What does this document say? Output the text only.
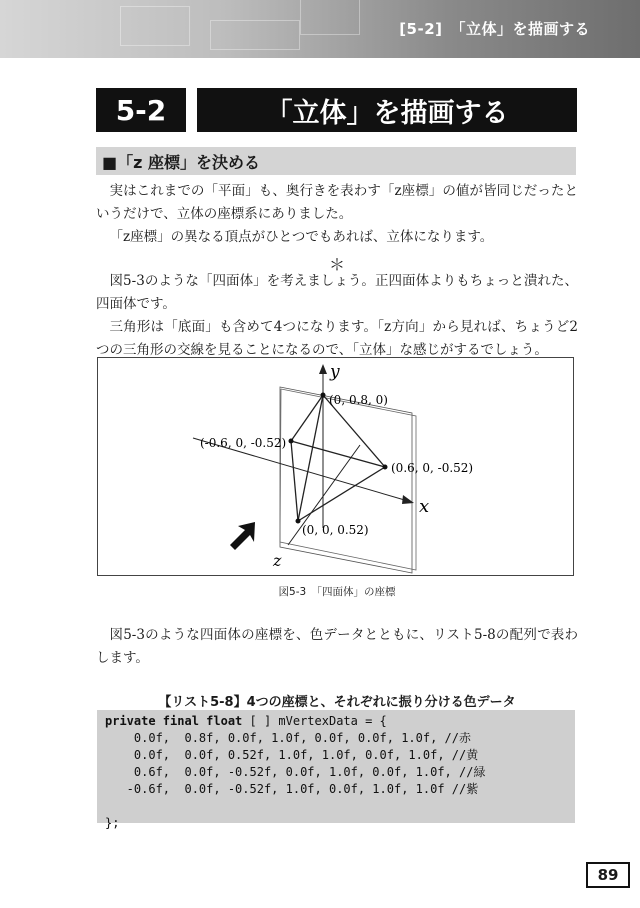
[5-2]　「立体」を描画する
5-2	「立体」を描画する
■「z 座標」を決める

実はこれまでの「平面」も、奥行きを表わす「z座標」の値が皆同じだったというだけで、立体の座標系にありました。

「z座標」の異なる頂点がひとつでもあれば、立体になります。

＊

図5-3のような「四面体」を考えましょう。正四面体よりもちょっと潰れた、四面体です。

三角形は「底面」も含めて4つになります。「z方向」から見れば、ちょうど2つの三角形の交線を見ることになるので、「立体」な感じがするでしょう。

y
x
z
(0, 0.8, 0)
(-0.6, 0, -0.52)
(0.6, 0, -0.52)
(0, 0, 0.52)
図5-3　「四面体」の座標

図5-3のような四面体の座標を、色データとともに、リスト5-8の配列で表わします。

【リスト5-8】4つの座標と、それぞれに振り分ける色データ
private final float [ ] mVertexData = {
0.0f,  0.8f, 0.0f, 1.0f, 0.0f, 0.0f, 1.0f, //赤
0.0f,  0.0f, 0.52f, 1.0f, 1.0f, 0.0f, 1.0f, //黄
0.6f,  0.0f, -0.52f, 0.0f, 1.0f, 0.0f, 1.0f, //緑
-0.6f,  0.0f, -0.52f, 1.0f, 0.0f, 1.0f, 1.0f //紫

};
89
